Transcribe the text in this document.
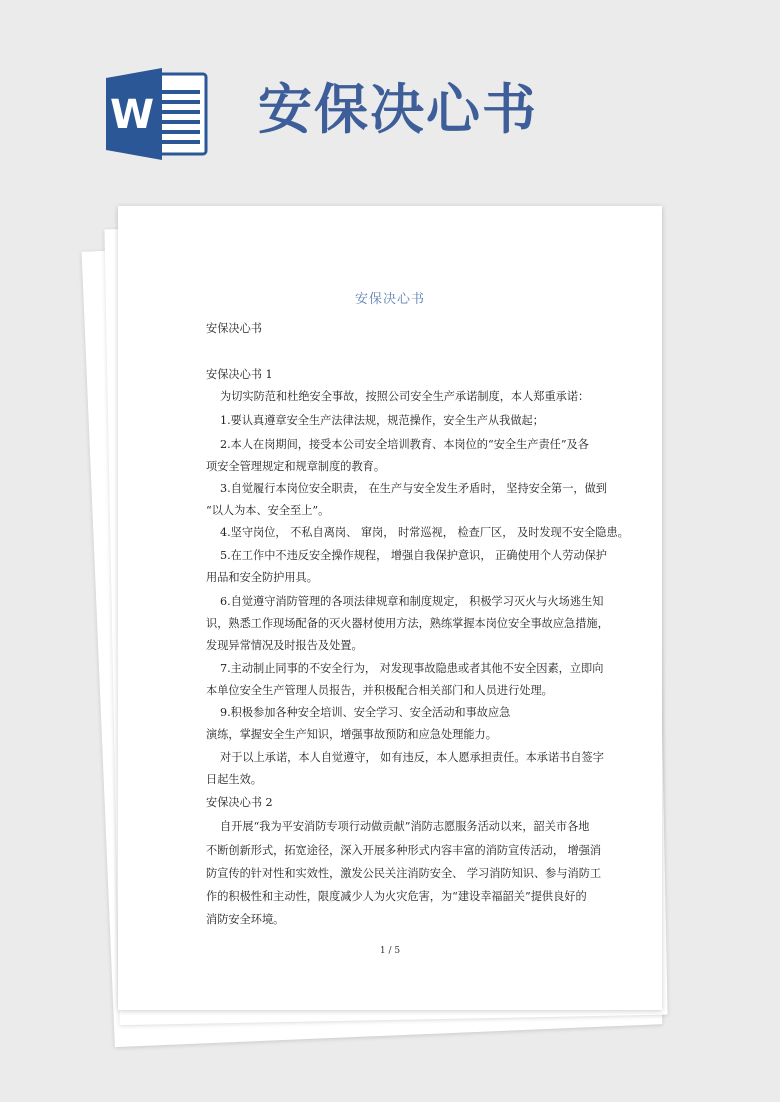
W 安保决心书
安保决心书
安保决心书
安保决心书 1
为切实防范和杜绝安全事故，按照公司安全生产承诺制度，本人郑重承诺：
1.要认真遵章安全生产法律法规，规范操作，安全生产从我做起；
2.本人在岗期间，接受本公司安全培训教育、本岗位的“安全生产责任”及各
项安全管理规定和规章制度的教育。
3.自觉履行本岗位安全职责， 在生产与安全发生矛盾时， 坚持安全第一，做到
“以人为本、安全至上”。
4.坚守岗位， 不私自离岗、 窜岗， 时常巡视， 检查厂区， 及时发现不安全隐患。
5.在工作中不违反安全操作规程， 增强自我保护意识， 正确使用个人劳动保护
用品和安全防护用具。
6.自觉遵守消防管理的各项法律规章和制度规定， 积极学习灭火与火场逃生知
识，熟悉工作现场配备的灭火器材使用方法，熟练掌握本岗位安全事故应急措施，
发现异常情况及时报告及处置。
7.主动制止同事的不安全行为， 对发现事故隐患或者其他不安全因素，立即向
本单位安全生产管理人员报告，并积极配合相关部门和人员进行处理。
9.积极参加各种安全培训、安全学习、安全活动和事故应急
演练，掌握安全生产知识，增强事故预防和应急处理能力。
对于以上承诺，本人自觉遵守， 如有违反，本人愿承担责任。本承诺书自签字
日起生效。
安保决心书 2
自开展“我为平安消防专项行动做贡献”消防志愿服务活动以来，韶关市各地
不断创新形式，拓宽途径，深入开展多种形式内容丰富的消防宣传活动， 增强消
防宣传的针对性和实效性，激发公民关注消防安全、 学习消防知识、参与消防工
作的积极性和主动性，限度减少人为火灾危害，为“建设幸福韶关”提供良好的
消防安全环境。
1 / 5
